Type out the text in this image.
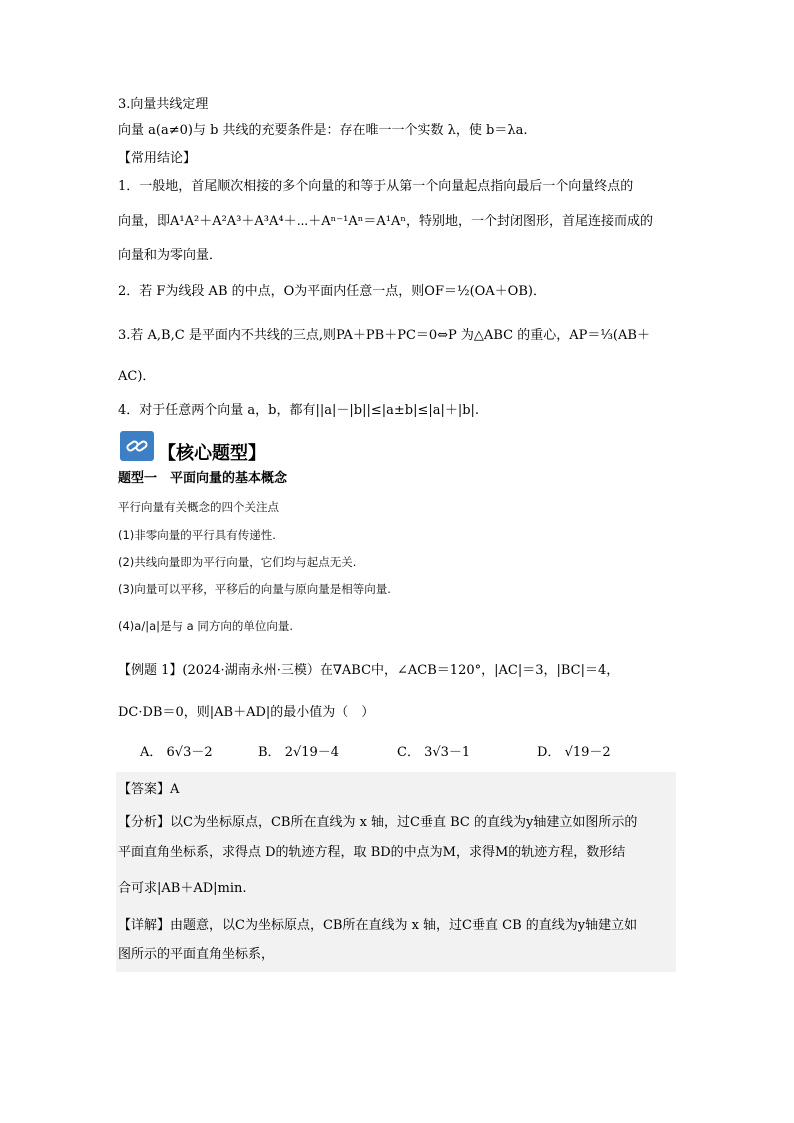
3.向量共线定理
向量 a(a≠0)与 b 共线的充要条件是：存在唯一一个实数 λ，使 b＝λa.
【常用结论】
1．一般地，首尾顺次相接的多个向量的和等于从第一个向量起点指向最后一个向量终点的
向量，即A¹A²＋A²A³＋A³A⁴＋⋯＋Aⁿ⁻¹Aⁿ＝A¹Aⁿ，特别地，一个封闭图形，首尾连接而成的
向量和为零向量．
2．若 F为线段 AB 的中点，O为平面内任意一点，则OF＝½(OA＋OB)．
3.若 A,B,C 是平面内不共线的三点,则PA＋PB＋PC＝0⇔P 为△ABC 的重心，AP＝⅓(AB＋
AC)．
4．对于任意两个向量 a，b，都有||a|－|b||≤|a±b|≤|a|＋|b|.
【核心题型】
题型一　平面向量的基本概念
平行向量有关概念的四个关注点
(1)非零向量的平行具有传递性.
(2)共线向量即为平行向量，它们均与起点无关.
(3)向量可以平移，平移后的向量与原向量是相等向量.
(4)a/|a|是与 a 同方向的单位向量.
【例题 1】(2024·湖南永州·三模）在∇ABC中，∠ACB＝120°，|AC|＝3，|BC|＝4，
DC·DB＝0，则|AB＋AD|的最小值为（　）
A． 6√3－2	B． 2√19－4	C． 3√3－1	D． √19－2
【答案】A
【分析】以C为坐标原点，CB所在直线为 x 轴，过C垂直 BC 的直线为y轴建立如图所示的
平面直角坐标系，求得点 D的轨迹方程，取 BD的中点为M，求得M的轨迹方程，数形结
合可求|AB＋AD|min.
【详解】由题意，以C为坐标原点，CB所在直线为 x 轴，过C垂直 CB 的直线为y轴建立如
图所示的平面直角坐标系，
